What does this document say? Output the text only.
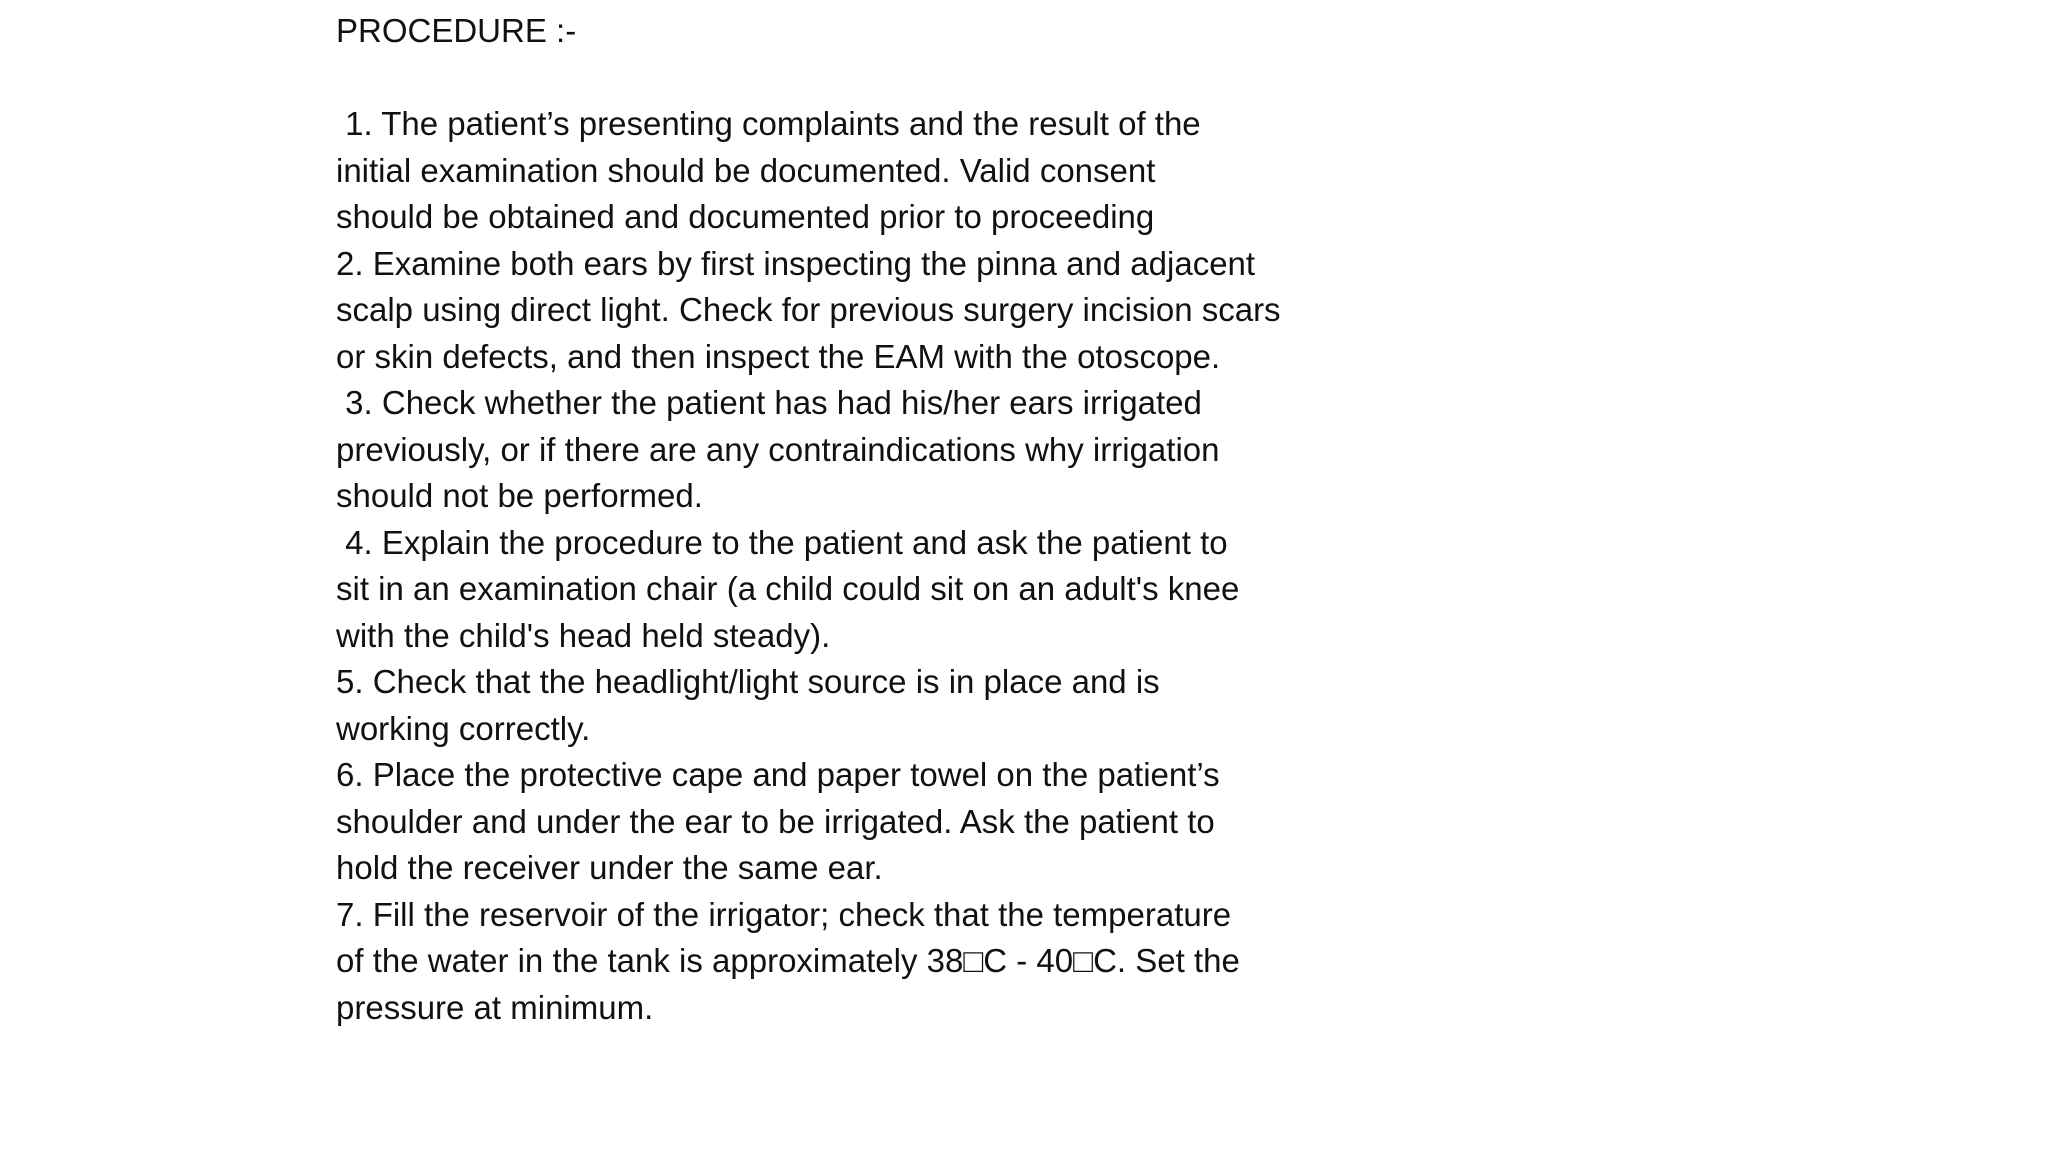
PROCEDURE :-
1. The patient’s presenting complaints and the result of the
initial examination should be documented. Valid consent
should be obtained and documented prior to proceeding
2. Examine both ears by first inspecting the pinna and adjacent
scalp using direct light. Check for previous surgery incision scars
or skin defects, and then inspect the EAM with the otoscope.
3. Check whether the patient has had his/her ears irrigated
previously, or if there are any contraindications why irrigation
should not be performed.
4. Explain the procedure to the patient and ask the patient to
sit in an examination chair (a child could sit on an adult's knee
with the child's head held steady).
5. Check that the headlight/light source is in place and is
working correctly.
6. Place the protective cape and paper towel on the patient’s
shoulder and under the ear to be irrigated. Ask the patient to
hold the receiver under the same ear.
7. Fill the reservoir of the irrigator; check that the temperature
of the water in the tank is approximately 38□C - 40□C. Set the
pressure at minimum.
